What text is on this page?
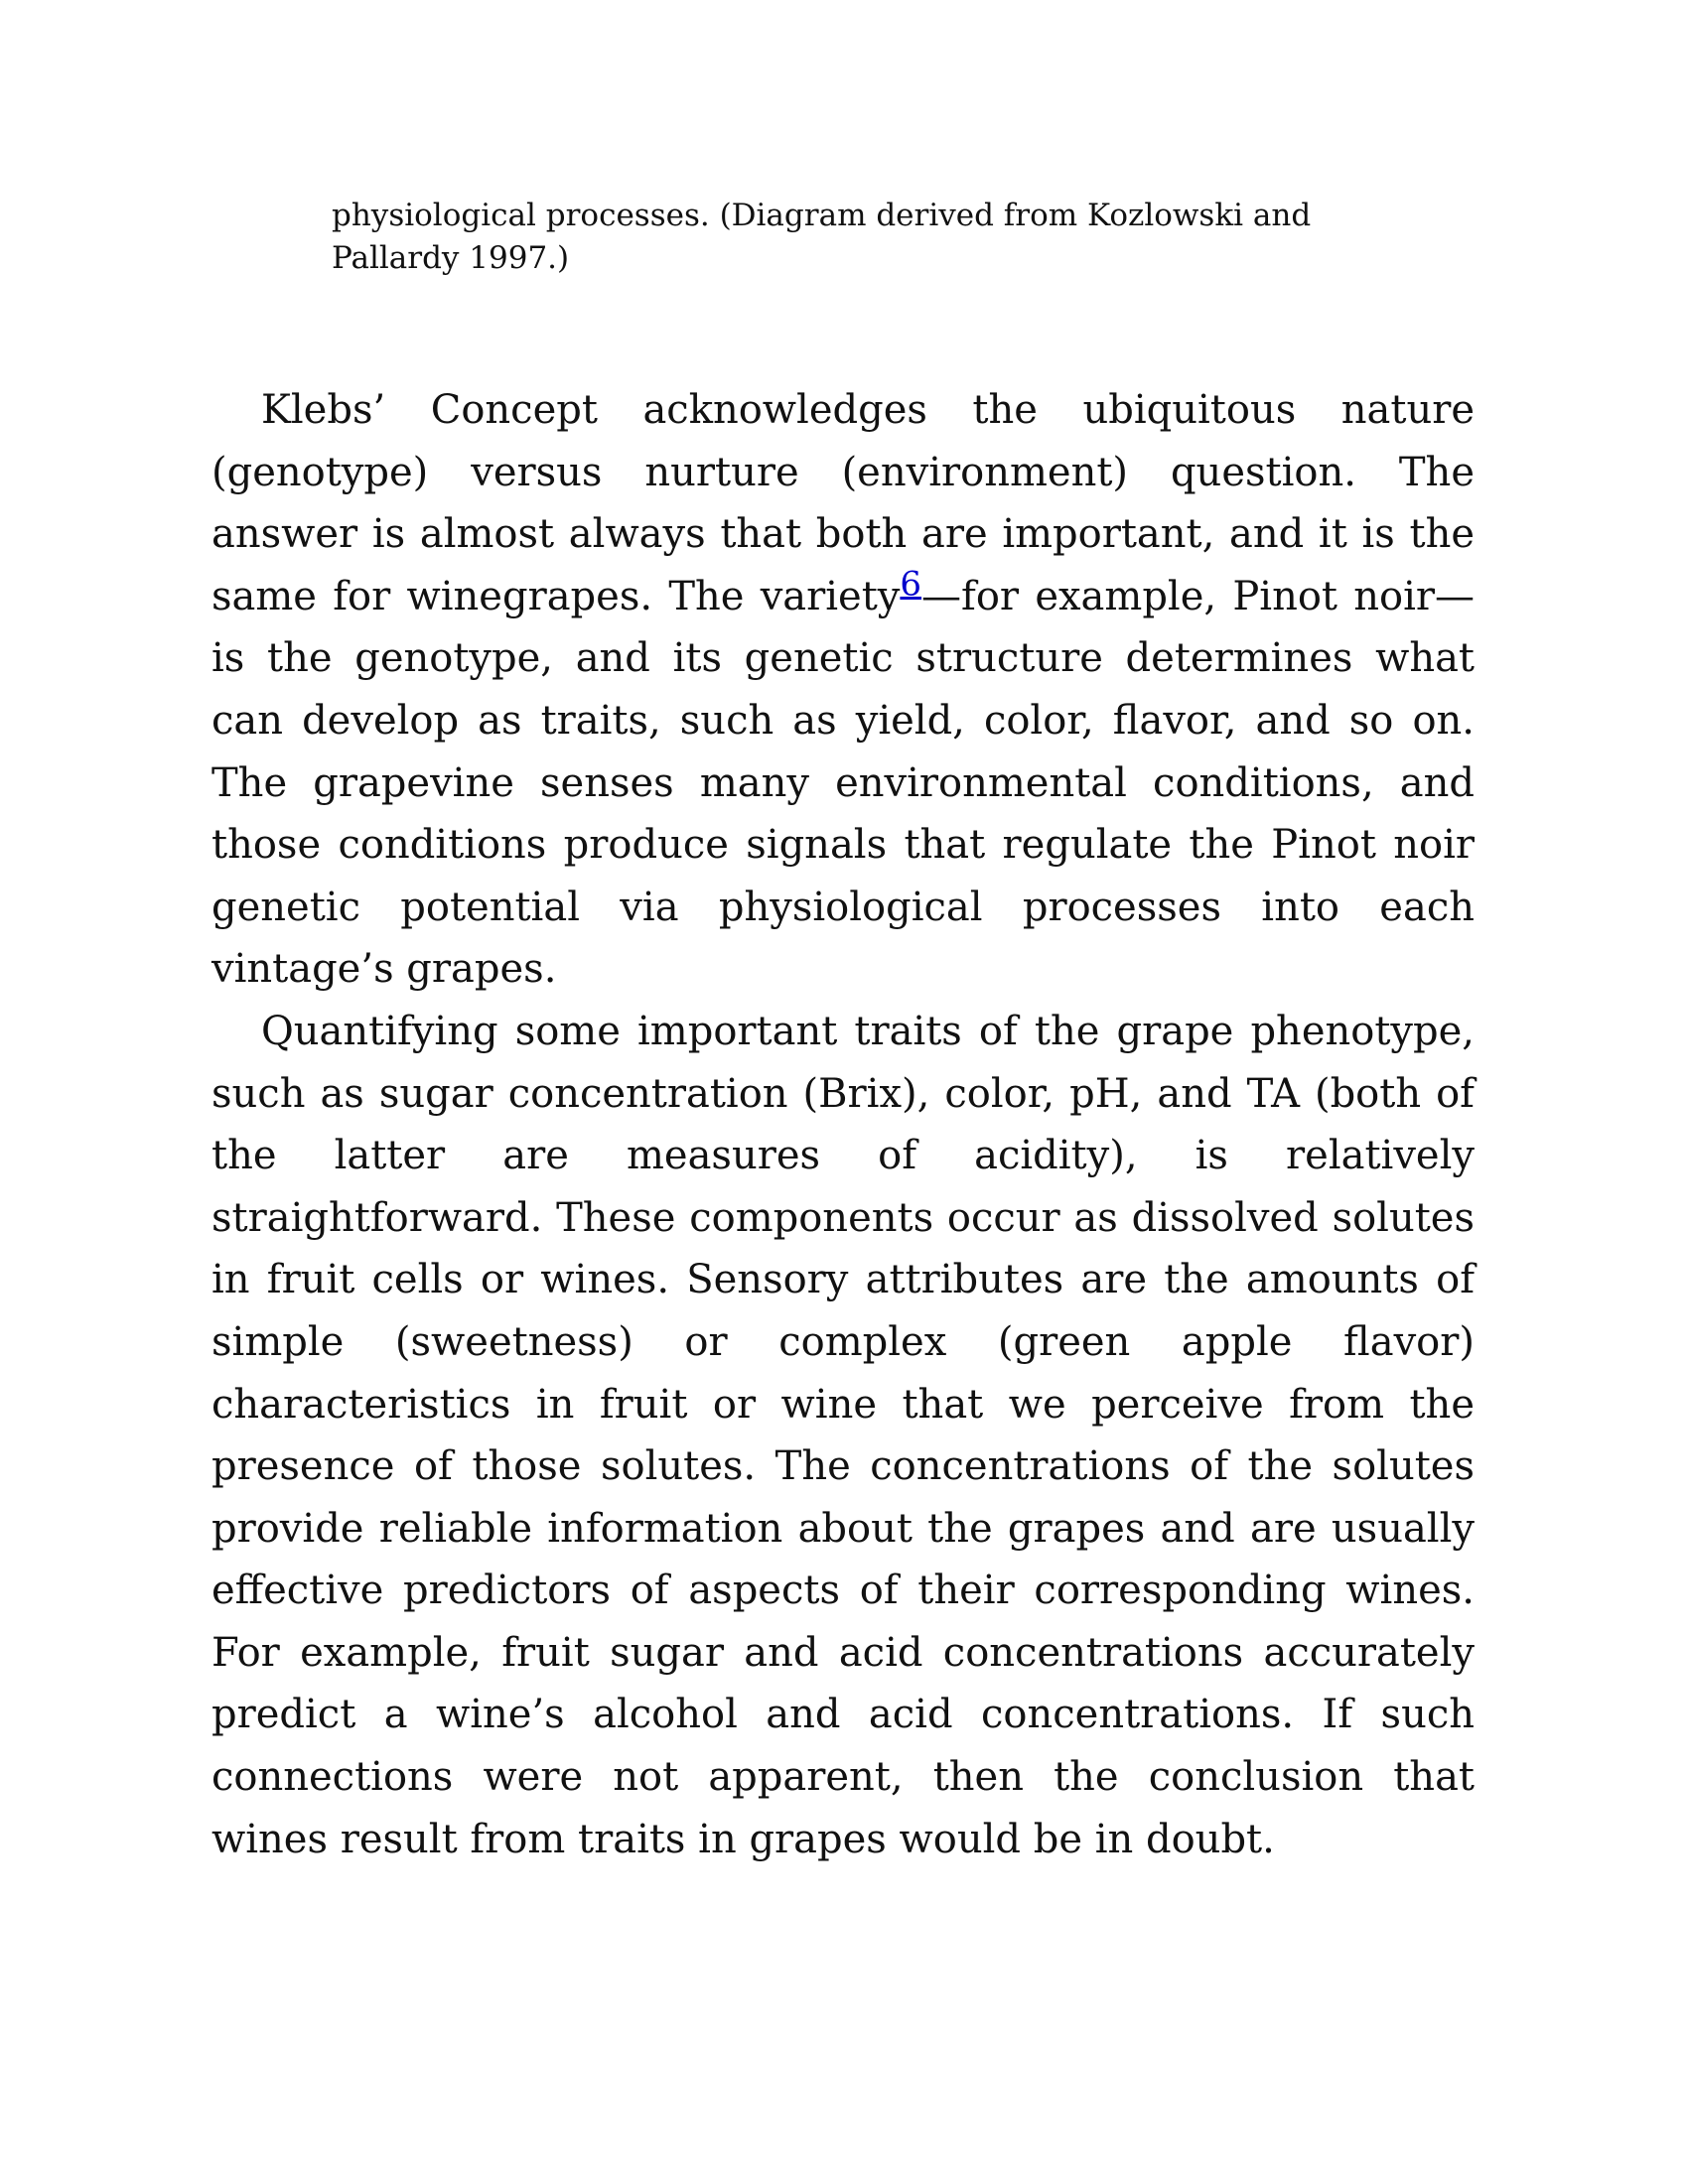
physiological processes. (Diagram derived from Kozlowski and Pallardy 1997.)

Klebs’ Concept acknowledges the ubiquitous nature (genotype) versus nurture (environment) question. The answer is almost always that both are important, and it is the same for winegrapes. The variety$^6$—for example, Pinot noir—is the genotype, and its genetic structure determines what can develop as traits, such as yield, color, flavor, and so on. The grapevine senses many environmental conditions, and those conditions produce signals that regulate the Pinot noir genetic potential via physiological processes into each vintage’s grapes.

Quantifying some important traits of the grape phenotype, such as sugar concentration (Brix), color, pH, and TA (both of the latter are measures of acidity), is relatively straightforward. These components occur as dissolved solutes in fruit cells or wines. Sensory attributes are the amounts of simple (sweetness) or complex (green apple flavor) characteristics in fruit or wine that we perceive from the presence of those solutes. The concentrations of the solutes provide reliable information about the grapes and are usually effective predictors of aspects of their corresponding wines. For example, fruit sugar and acid concentrations accurately predict a wine’s alcohol and acid concentrations. If such connections were not apparent, then the conclusion that wines result from traits in grapes would be in doubt.
